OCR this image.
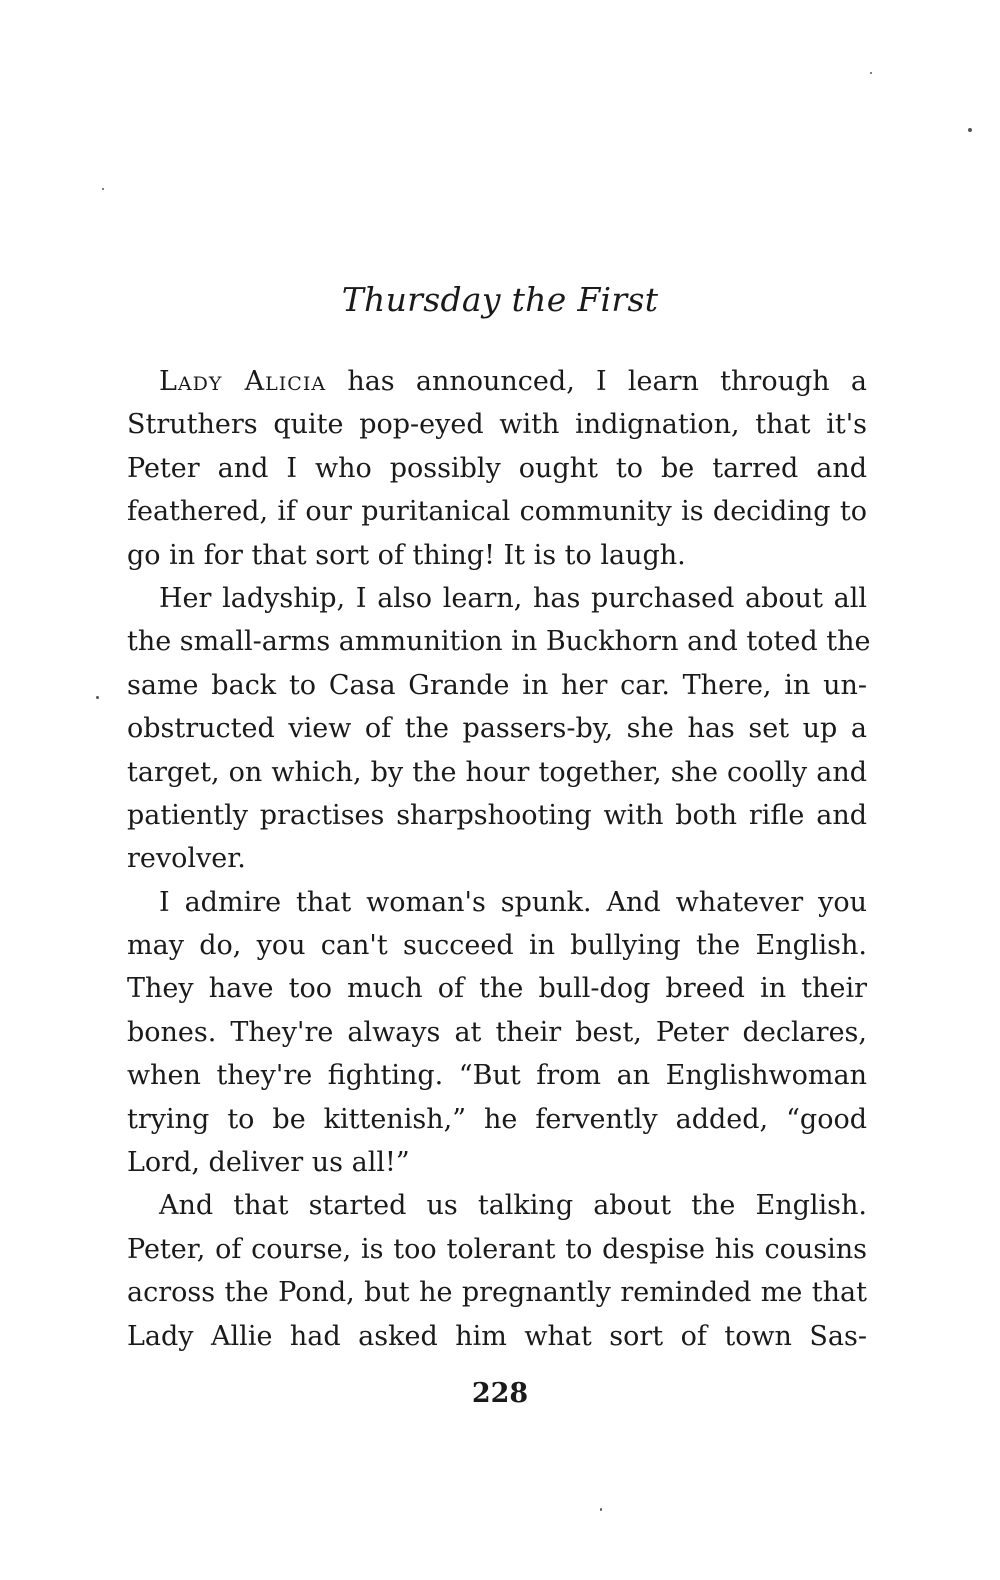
Thursday the First
Lady Alicia has announced, I learn through a
Struthers quite pop-eyed with indignation, that it's
Peter and I who possibly ought to be tarred and
feathered, if our puritanical community is deciding to
go in for that sort of thing! It is to laugh.
Her ladyship, I also learn, has purchased about all
the small-arms ammunition in Buckhorn and toted the
same back to Casa Grande in her car. There, in un-
obstructed view of the passers-by, she has set up a
target, on which, by the hour together, she coolly and
patiently practises sharpshooting with both rifle and
revolver.
I admire that woman's spunk. And whatever you
may do, you can't succeed in bullying the English.
They have too much of the bull-dog breed in their
bones. They're always at their best, Peter declares,
when they're fighting. “But from an Englishwoman
trying to be kittenish,” he fervently added, “good
Lord, deliver us all!”
And that started us talking about the English.
Peter, of course, is too tolerant to despise his cousins
across the Pond, but he pregnantly reminded me that
Lady Allie had asked him what sort of town Sas-
228
